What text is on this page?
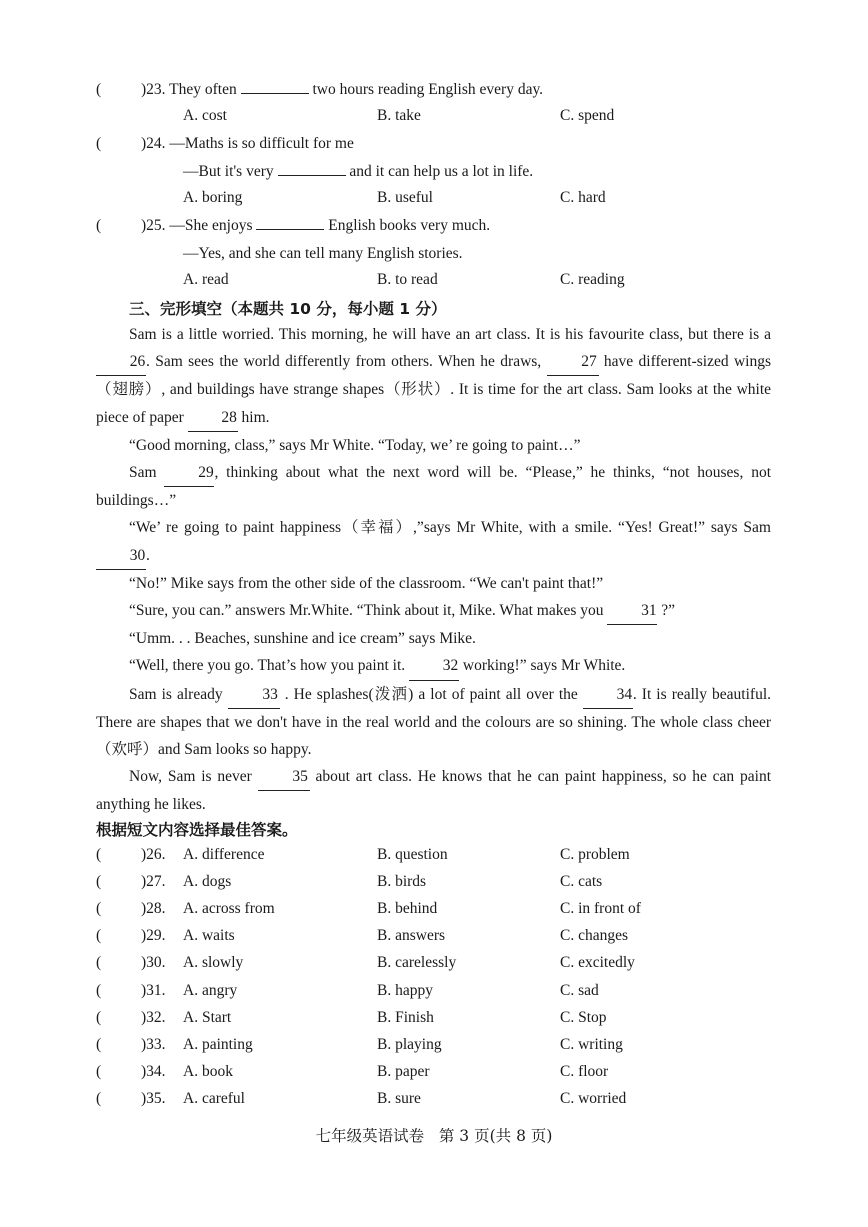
(	)23. They often	two hours reading English every day.
A. cost	B. take	C. spend
(	)24. —Maths is so difficult for me
—But it's very	and it can help us a lot in life.
A. boring	B. useful	C. hard
(	)25. —She enjoys	English books very much.
—Yes, and she can tell many English stories.
A. read	B. to read	C. reading
三、完形填空（本题共 10 分，每小题 1 分）

Sam is a little worried. This morning, he will have an art class. It is his favourite class, but there is a 26. Sam sees the world differently from others. When he draws,	27 have different-sized wings（翅膀）, and buildings have strange shapes（形状）. It is time for the art class. Sam looks at the white piece of paper 28 him.

“Good morning, class,” says Mr White. “Today, we’ re going to paint…”

Sam	29, thinking about what the next word will be. “Please,” he thinks, “not houses, not buildings…”

“We’ re going to paint happiness（幸福）,”says Mr White, with a smile. “Yes! Great!” says Sam 30.

“No!” Mike says from the other side of the classroom. “We can't paint that!”

“Sure, you can.” answers Mr.White. “Think about it, Mike. What makes you 31 ?”

“Umm. . . Beaches, sunshine and ice cream” says Mike.

“Well, there you go. That’s how you paint it. 32 working!” says Mr White.

Sam is already	33 . He splashes(泼洒) a lot of paint all over the	34. It is really beautiful. There are shapes that we don't have in the real world and the colours are so shining. The whole class cheer（欢呼）and Sam looks so happy.

Now, Sam is never	35 about art class. He knows that he can paint happiness, so he can paint anything he likes.

根据短文内容选择最佳答案。
(	)26. A. difference	B. question	C. problem
(	)27. A. dogs	B. birds	C. cats
(	)28. A. across from	B. behind	C. in front of
(	)29. A. waits	B. answers	C. changes
(	)30. A. slowly	B. carelessly	C. excitedly
(	)31. A. angry	B. happy	C. sad
(	)32. A. Start	B. Finish	C. Stop
(	)33. A. painting	B. playing	C. writing
(	)34. A. book	B. paper	C. floor
(	)35. A. careful	B. sure	C. worried
七年级英语试卷   第 3 页(共 8 页)
